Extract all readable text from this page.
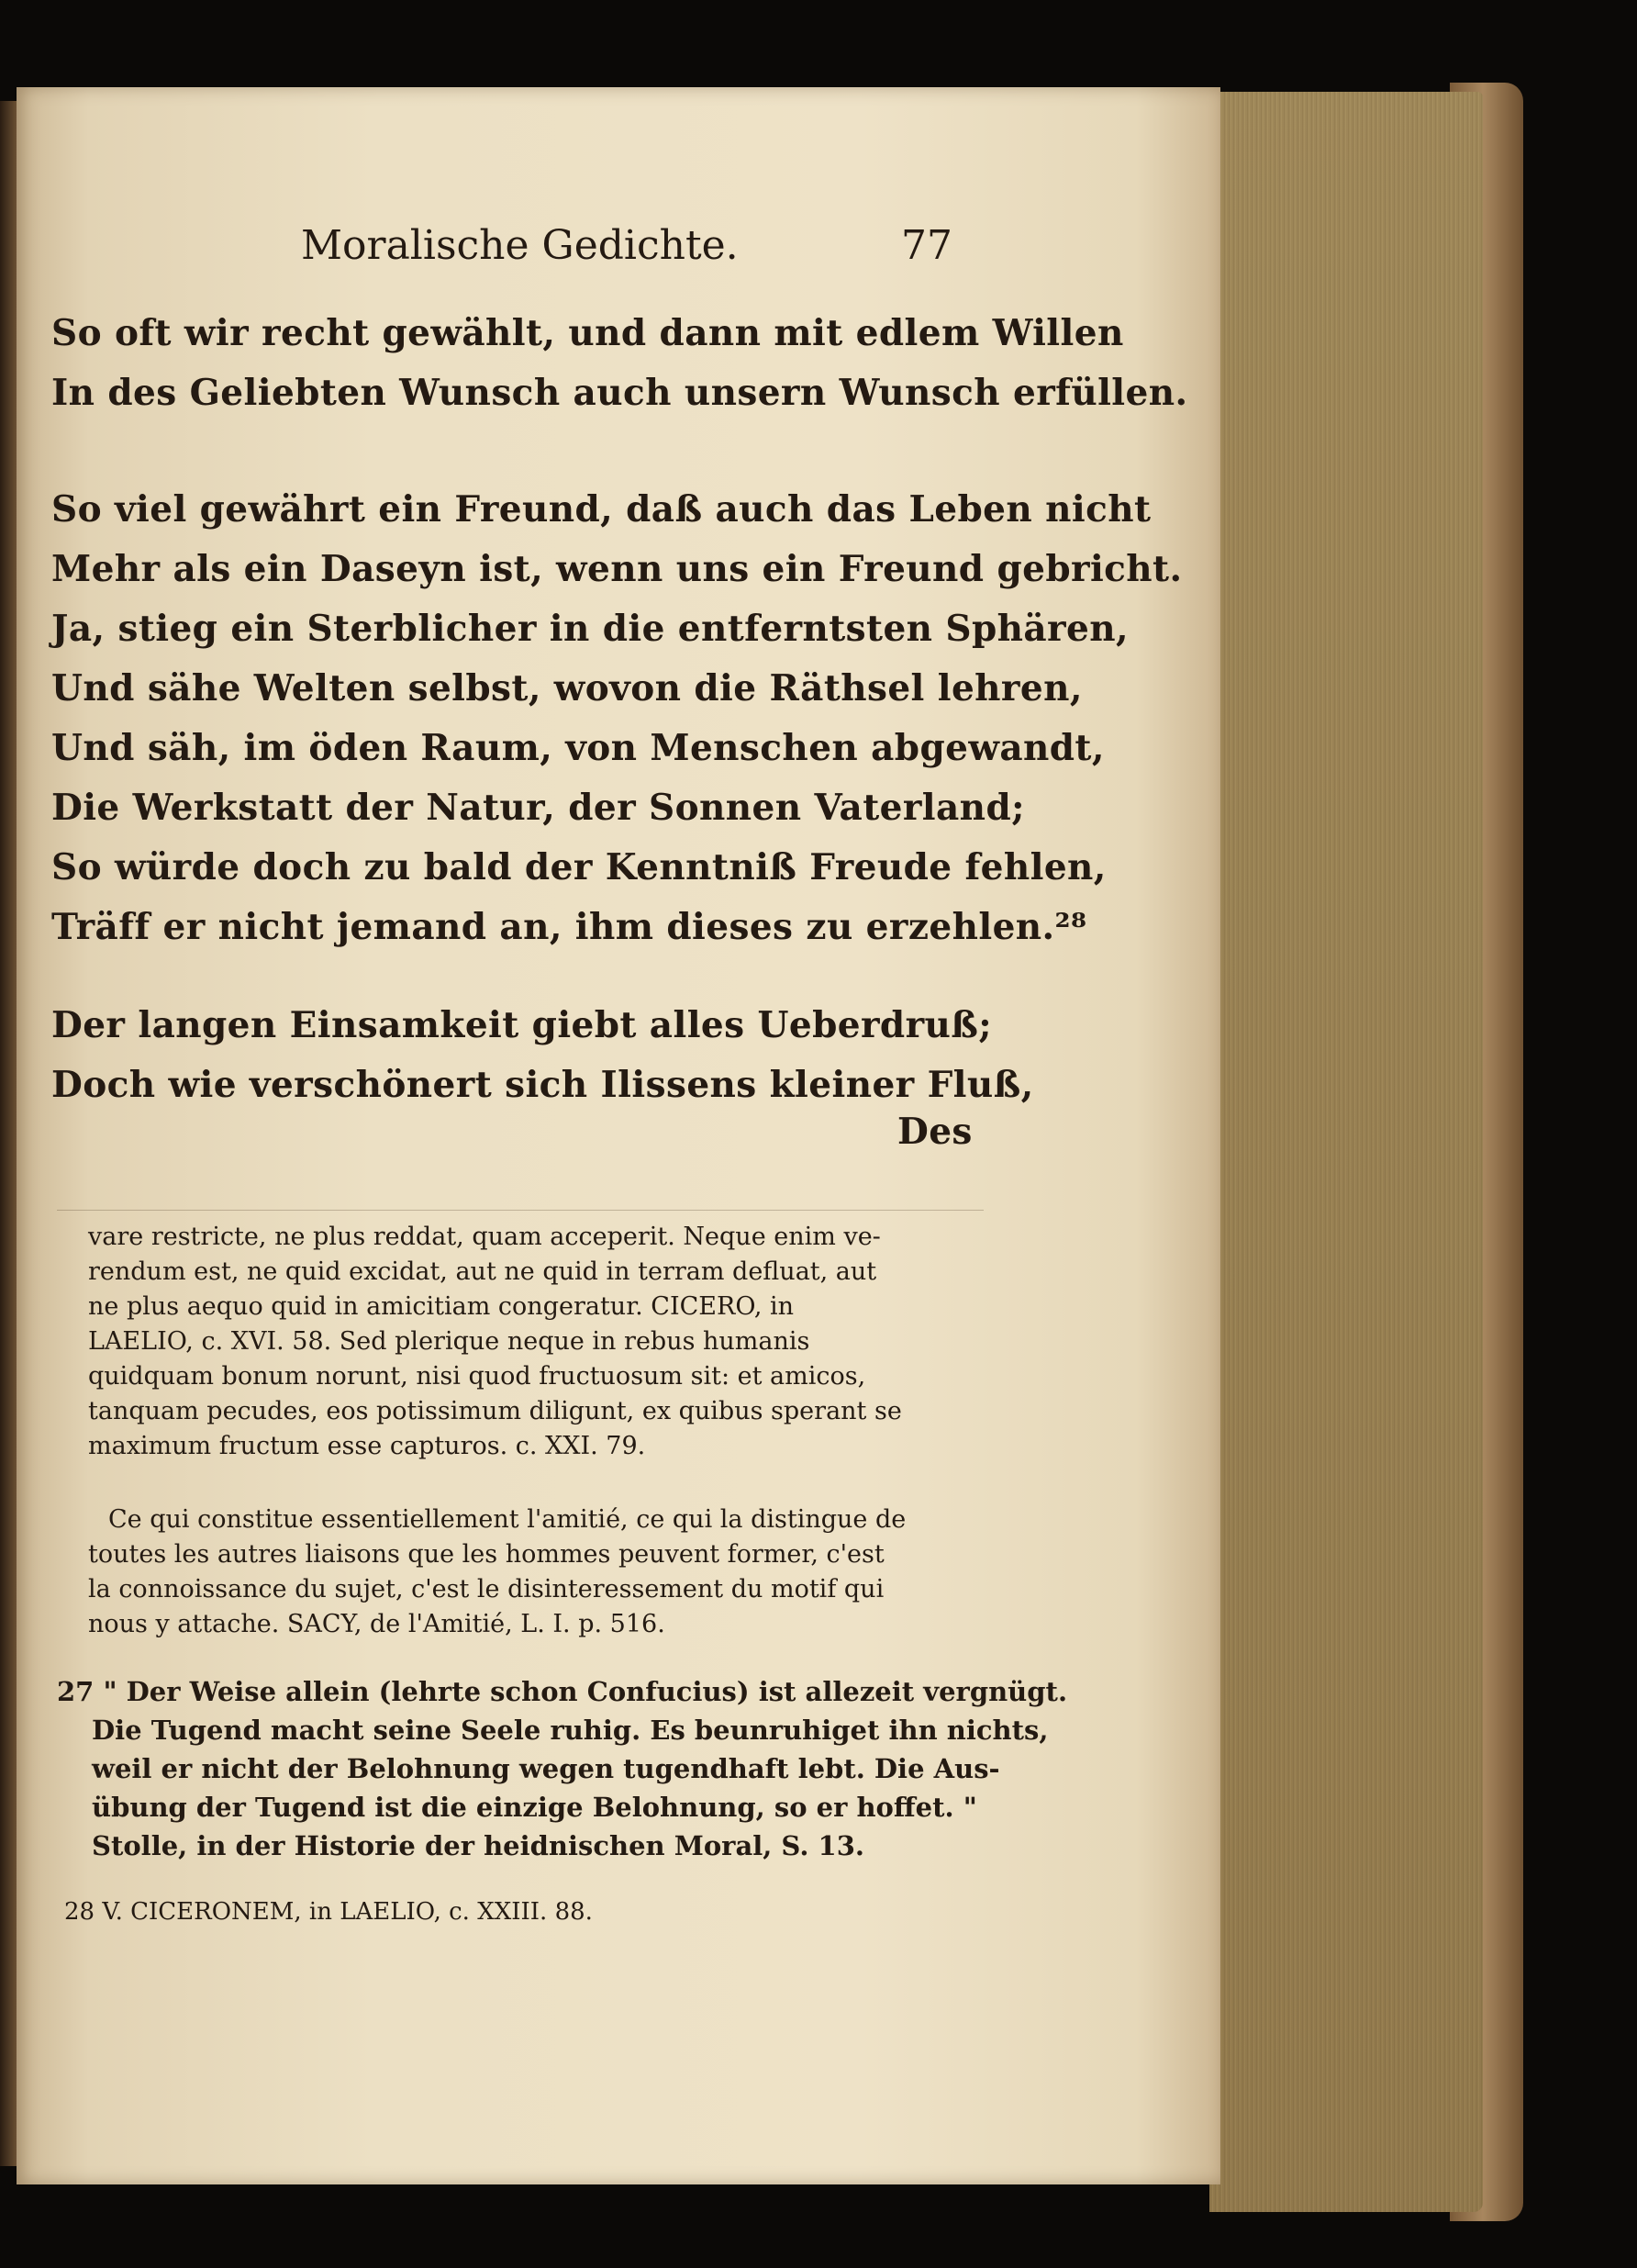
Moralische Gedichte.	77
So oft wir recht gewählt, und dann mit edlem Willen
In des Geliebten Wunsch auch unsern Wunsch erfüllen.
So viel gewährt ein Freund, daß auch das Leben nicht
Mehr als ein Daseyn ist, wenn uns ein Freund gebricht.
Ja, stieg ein Sterblicher in die entferntsten Sphären,
Und sähe Welten selbst, wovon die Räthsel lehren,
Und säh, im öden Raum, von Menschen abgewandt,
Die Werkstatt der Natur, der Sonnen Vaterland;
So würde doch zu bald der Kenntniß Freude fehlen,
Träff er nicht jemand an, ihm dieses zu erzehlen.²⁸
Der langen Einsamkeit giebt alles Ueberdruß;
Doch wie verschönert sich Ilissens kleiner Fluß,
Des
vare restricte, ne plus reddat, quam acceperit. Neque enim ve-
rendum est, ne quid excidat, aut ne quid in terram defluat, aut
ne plus aequo quid in amicitiam congeratur. CICERO, in
LAELIO, c. XVI. 58. Sed plerique neque in rebus humanis
quidquam bonum norunt, nisi quod fructuosum sit: et amicos,
tanquam pecudes, eos potissimum diligunt, ex quibus sperant se
maximum fructum esse capturos. c. XXI. 79.
Ce qui constitue essentiellement l'amitié, ce qui la distingue de
toutes les autres liaisons que les hommes peuvent former, c'est
la connoissance du sujet, c'est le disinteressement du motif qui
nous y attache. SACY, de l'Amitié, L. I. p. 516.
27 " Der Weise allein (lehrte schon Confucius) ist allezeit vergnügt.
Die Tugend macht seine Seele ruhig. Es beunruhiget ihn nichts,
weil er nicht der Belohnung wegen tugendhaft lebt. Die Aus-
übung der Tugend ist die einzige Belohnung, so er hoffet. "
Stolle, in der Historie der heidnischen Moral, S. 13.
28 V. CICERONEM, in LAELIO, c. XXIII. 88.
